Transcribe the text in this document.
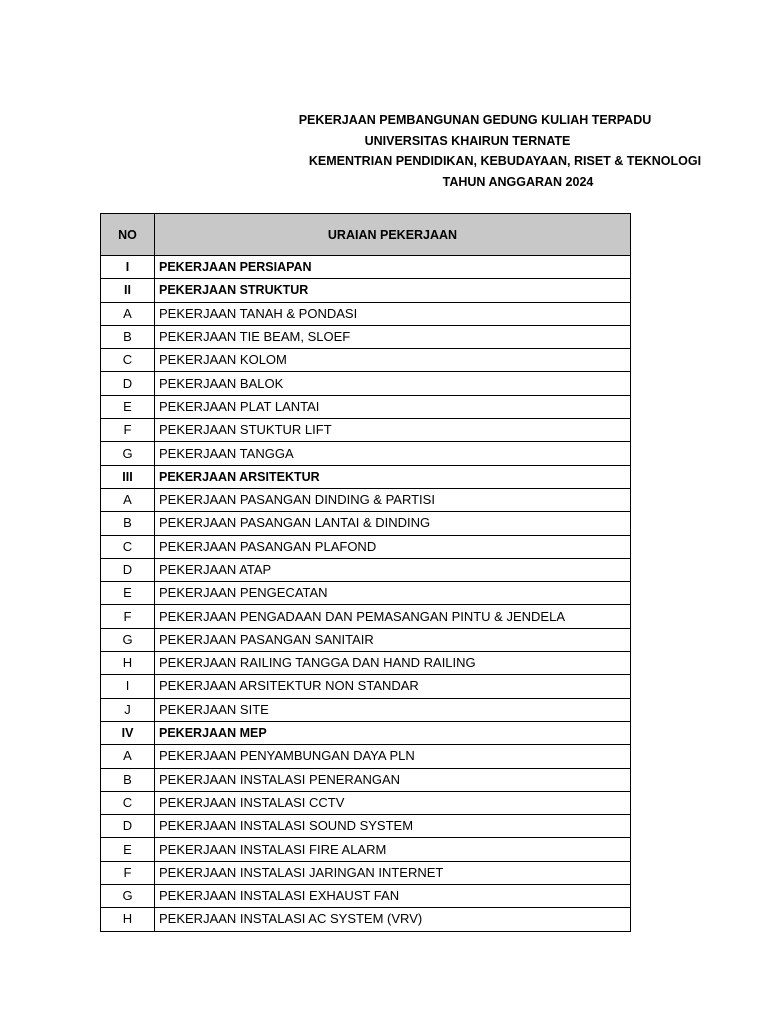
PEKERJAAN PEMBANGUNAN GEDUNG KULIAH TERPADU
UNIVERSITAS KHAIRUN TERNATE
KEMENTRIAN PENDIDIKAN, KEBUDAYAAN, RISET & TEKNOLOGI
TAHUN ANGGARAN 2024
NO	URAIAN PEKERJAAN
I	PEKERJAAN PERSIAPAN
II	PEKERJAAN STRUKTUR
A	PEKERJAAN TANAH & PONDASI
B	PEKERJAAN TIE BEAM, SLOEF
C	PEKERJAAN KOLOM
D	PEKERJAAN BALOK
E	PEKERJAAN PLAT LANTAI
F	PEKERJAAN STUKTUR LIFT
G	PEKERJAAN TANGGA
III	PEKERJAAN ARSITEKTUR
A	PEKERJAAN PASANGAN DINDING & PARTISI
B	PEKERJAAN PASANGAN LANTAI & DINDING
C	PEKERJAAN PASANGAN PLAFOND
D	PEKERJAAN ATAP
E	PEKERJAAN PENGECATAN
F	PEKERJAAN PENGADAAN DAN PEMASANGAN PINTU & JENDELA
G	PEKERJAAN PASANGAN SANITAIR
H	PEKERJAAN RAILING TANGGA DAN HAND RAILING
I	PEKERJAAN ARSITEKTUR NON STANDAR
J	PEKERJAAN SITE
IV	PEKERJAAN MEP
A	PEKERJAAN PENYAMBUNGAN DAYA PLN
B	PEKERJAAN INSTALASI PENERANGAN
C	PEKERJAAN INSTALASI CCTV
D	PEKERJAAN INSTALASI SOUND SYSTEM
E	PEKERJAAN INSTALASI FIRE ALARM
F	PEKERJAAN INSTALASI JARINGAN INTERNET
G	PEKERJAAN INSTALASI EXHAUST FAN
H	PEKERJAAN INSTALASI AC SYSTEM (VRV)
